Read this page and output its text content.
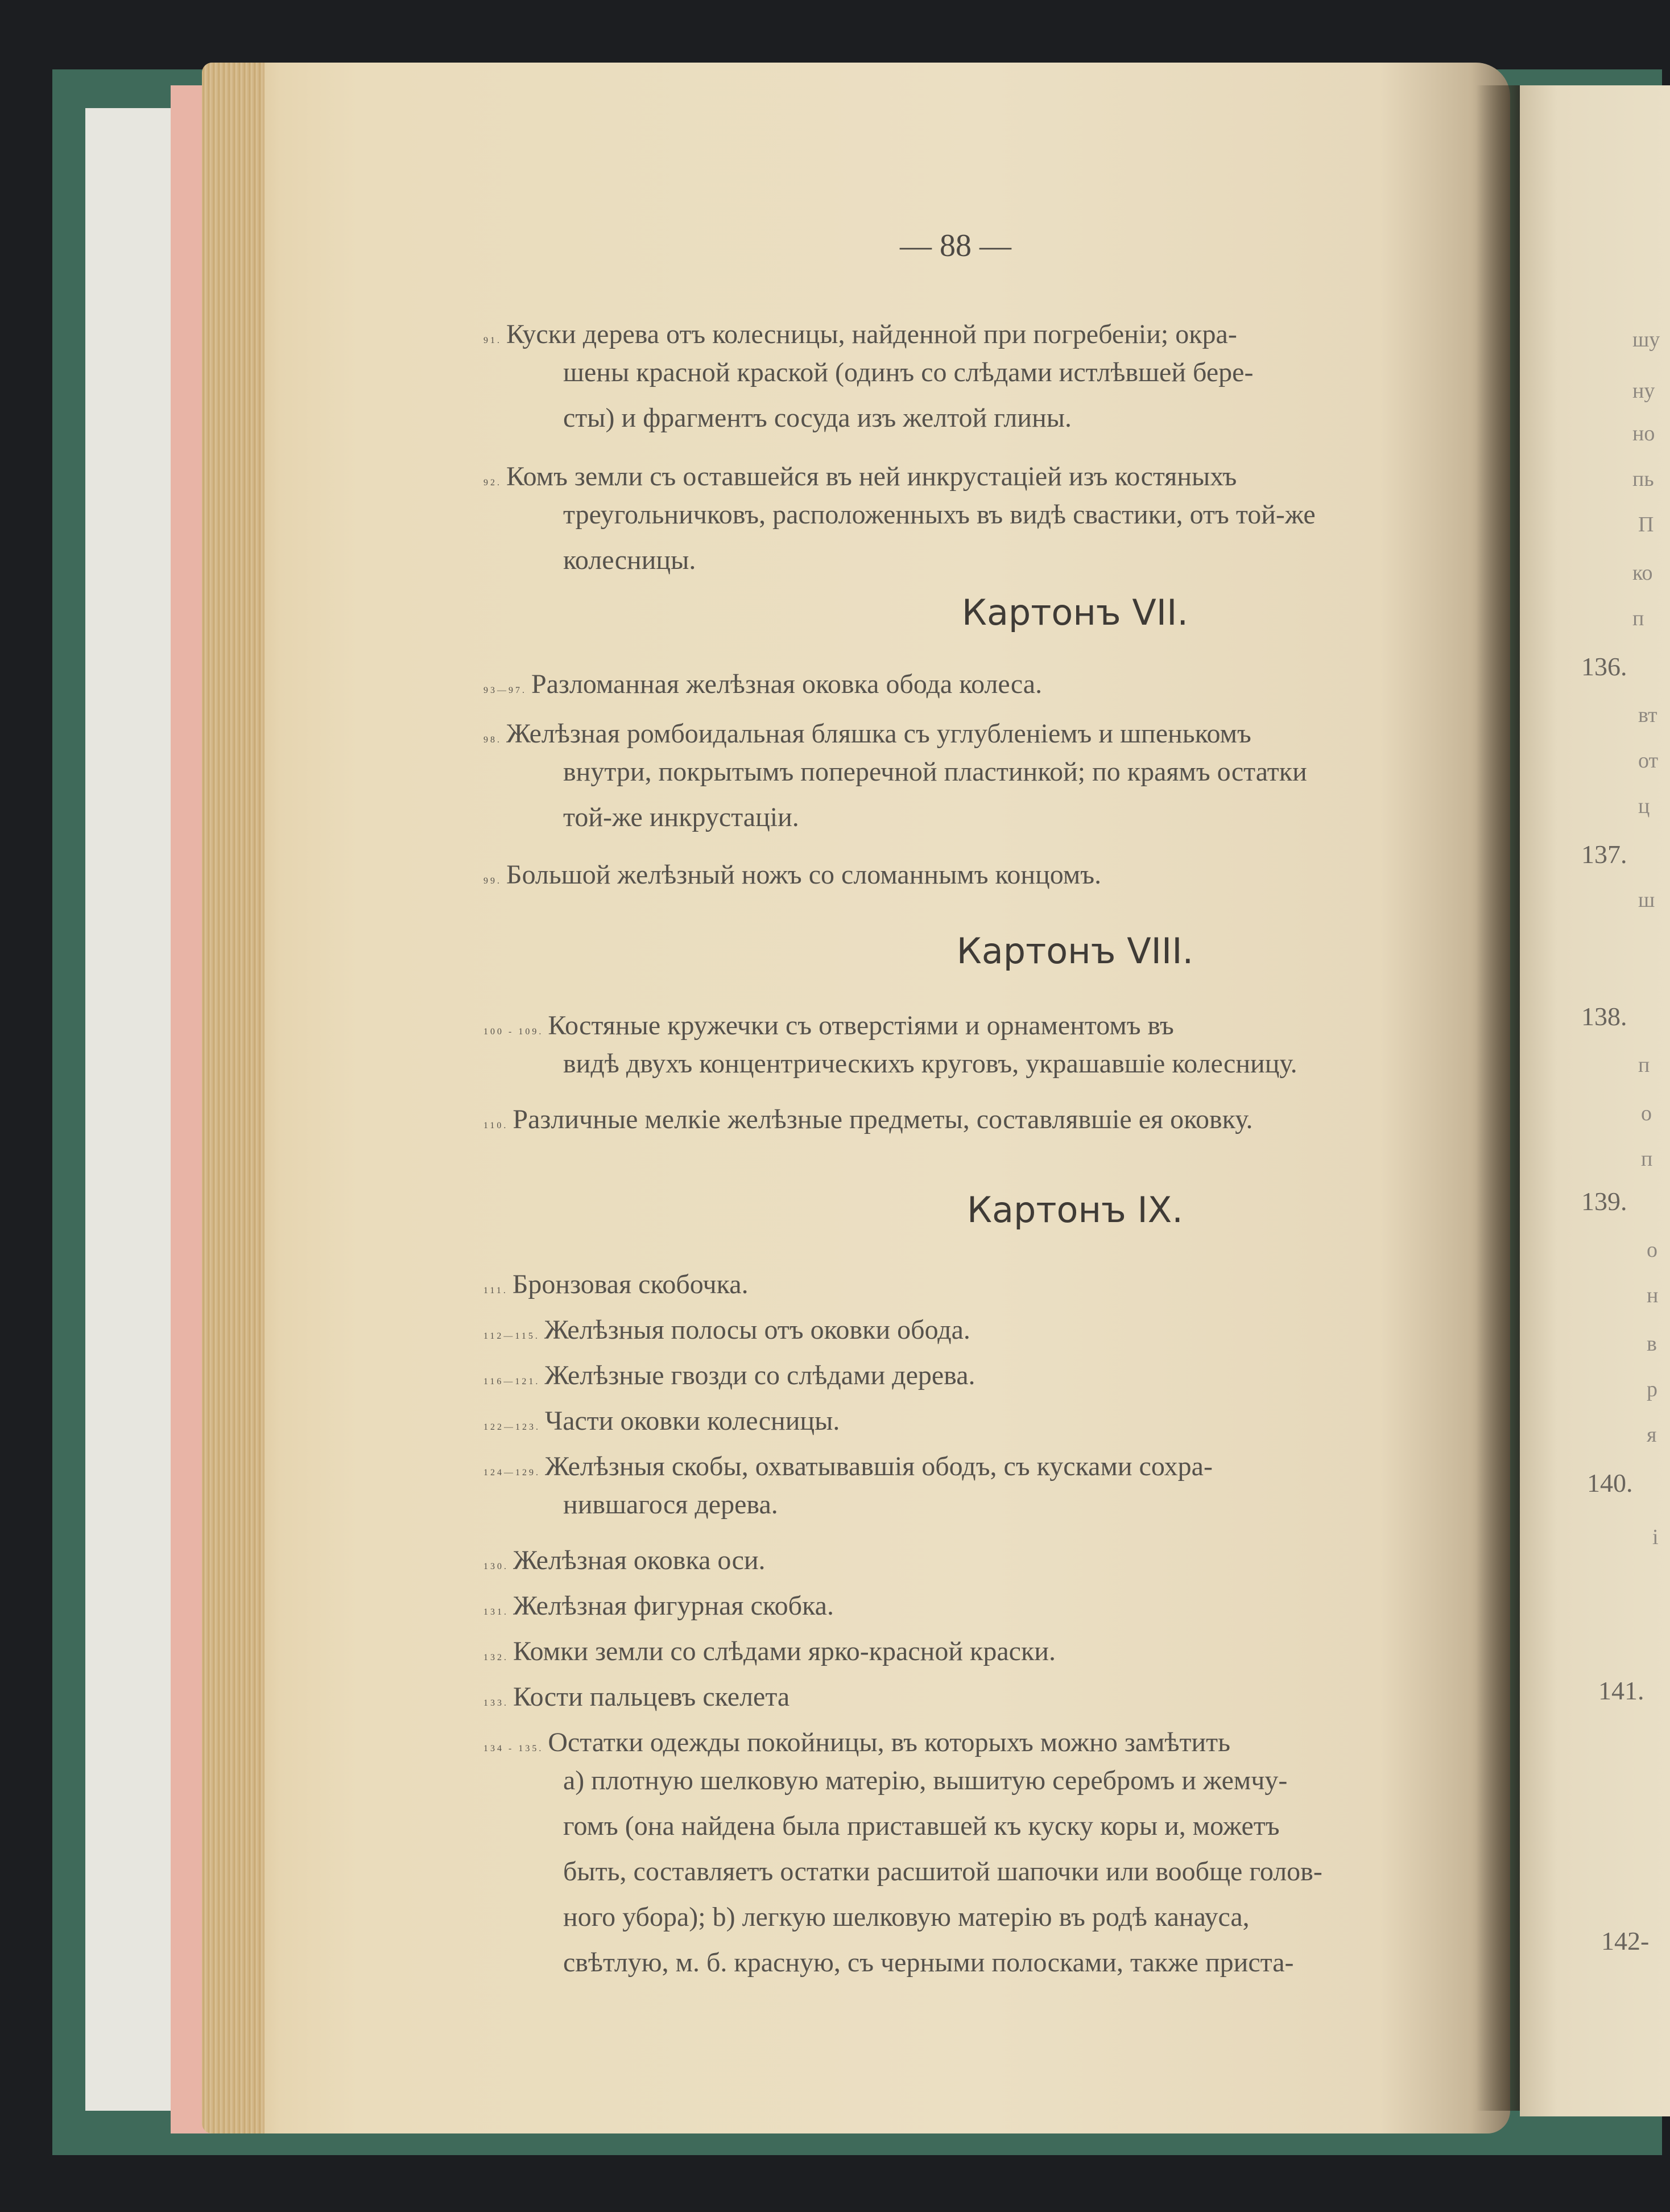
— 88 —
91. Куски дерева отъ колесницы, найденной при погребенiи; окра-
шены красной краской (одинъ со слѣдами истлѣвшей бере-
сты) и фрагментъ сосуда изъ желтой глины.
92. Комъ земли съ оставшейся въ ней инкрустацiей изъ костяныхъ
треугольничковъ, расположенныхъ въ видѣ свастики, отъ той-же
колесницы.
Картонъ VII.
93—97. Разломанная желѣзная оковка обода колеса.
98. Желѣзная ромбоидальная бляшка съ углубленiемъ и шпенькомъ
внутри, покрытымъ поперечной пластинкой; по краямъ остатки
той-же инкрустацiи.
99. Большой желѣзный ножъ со сломаннымъ концомъ.
Картонъ VIII.
100 - 109. Костяные кружечки съ отверстiями и орнаментомъ въ
видѣ двухъ концентрическихъ круговъ, украшавшiе колесницу.
110. Различные мелкiе желѣзные предметы, составлявшiе ея оковку.
Картонъ IX.
111. Бронзовая скобочка.
112—115. Желѣзныя полосы отъ оковки обода.
116—121. Желѣзные гвозди со слѣдами дерева.
122—123. Части оковки колесницы.
124—129. Желѣзныя скобы, охватывавшiя ободъ, съ кусками сохра-
нившагося дерева.
130. Желѣзная оковка оси.
131. Желѣзная фигурная скобка.
132. Комки земли со слѣдами ярко-красной краски.
133. Кости пальцевъ скелета
134 - 135. Остатки одежды покойницы, въ которыхъ можно замѣтить
а) плотную шелковую матерiю, вышитую серебромъ и жемчу-
гомъ (она найдена была приставшей къ куску коры и, можетъ
быть, составляетъ остатки расшитой шапочки или вообще голов-
ного убора); b) легкую шелковую матерiю въ родѣ канауса,
свѣтлую, м. б. красную, съ черными полосками, также приста-
136.
137.
138.
139.
140.
141.
142-
шу
ну
но
пь
П
ко
п
вт
от
ц
ш
п
о
п
о
н
в
р
я
і
